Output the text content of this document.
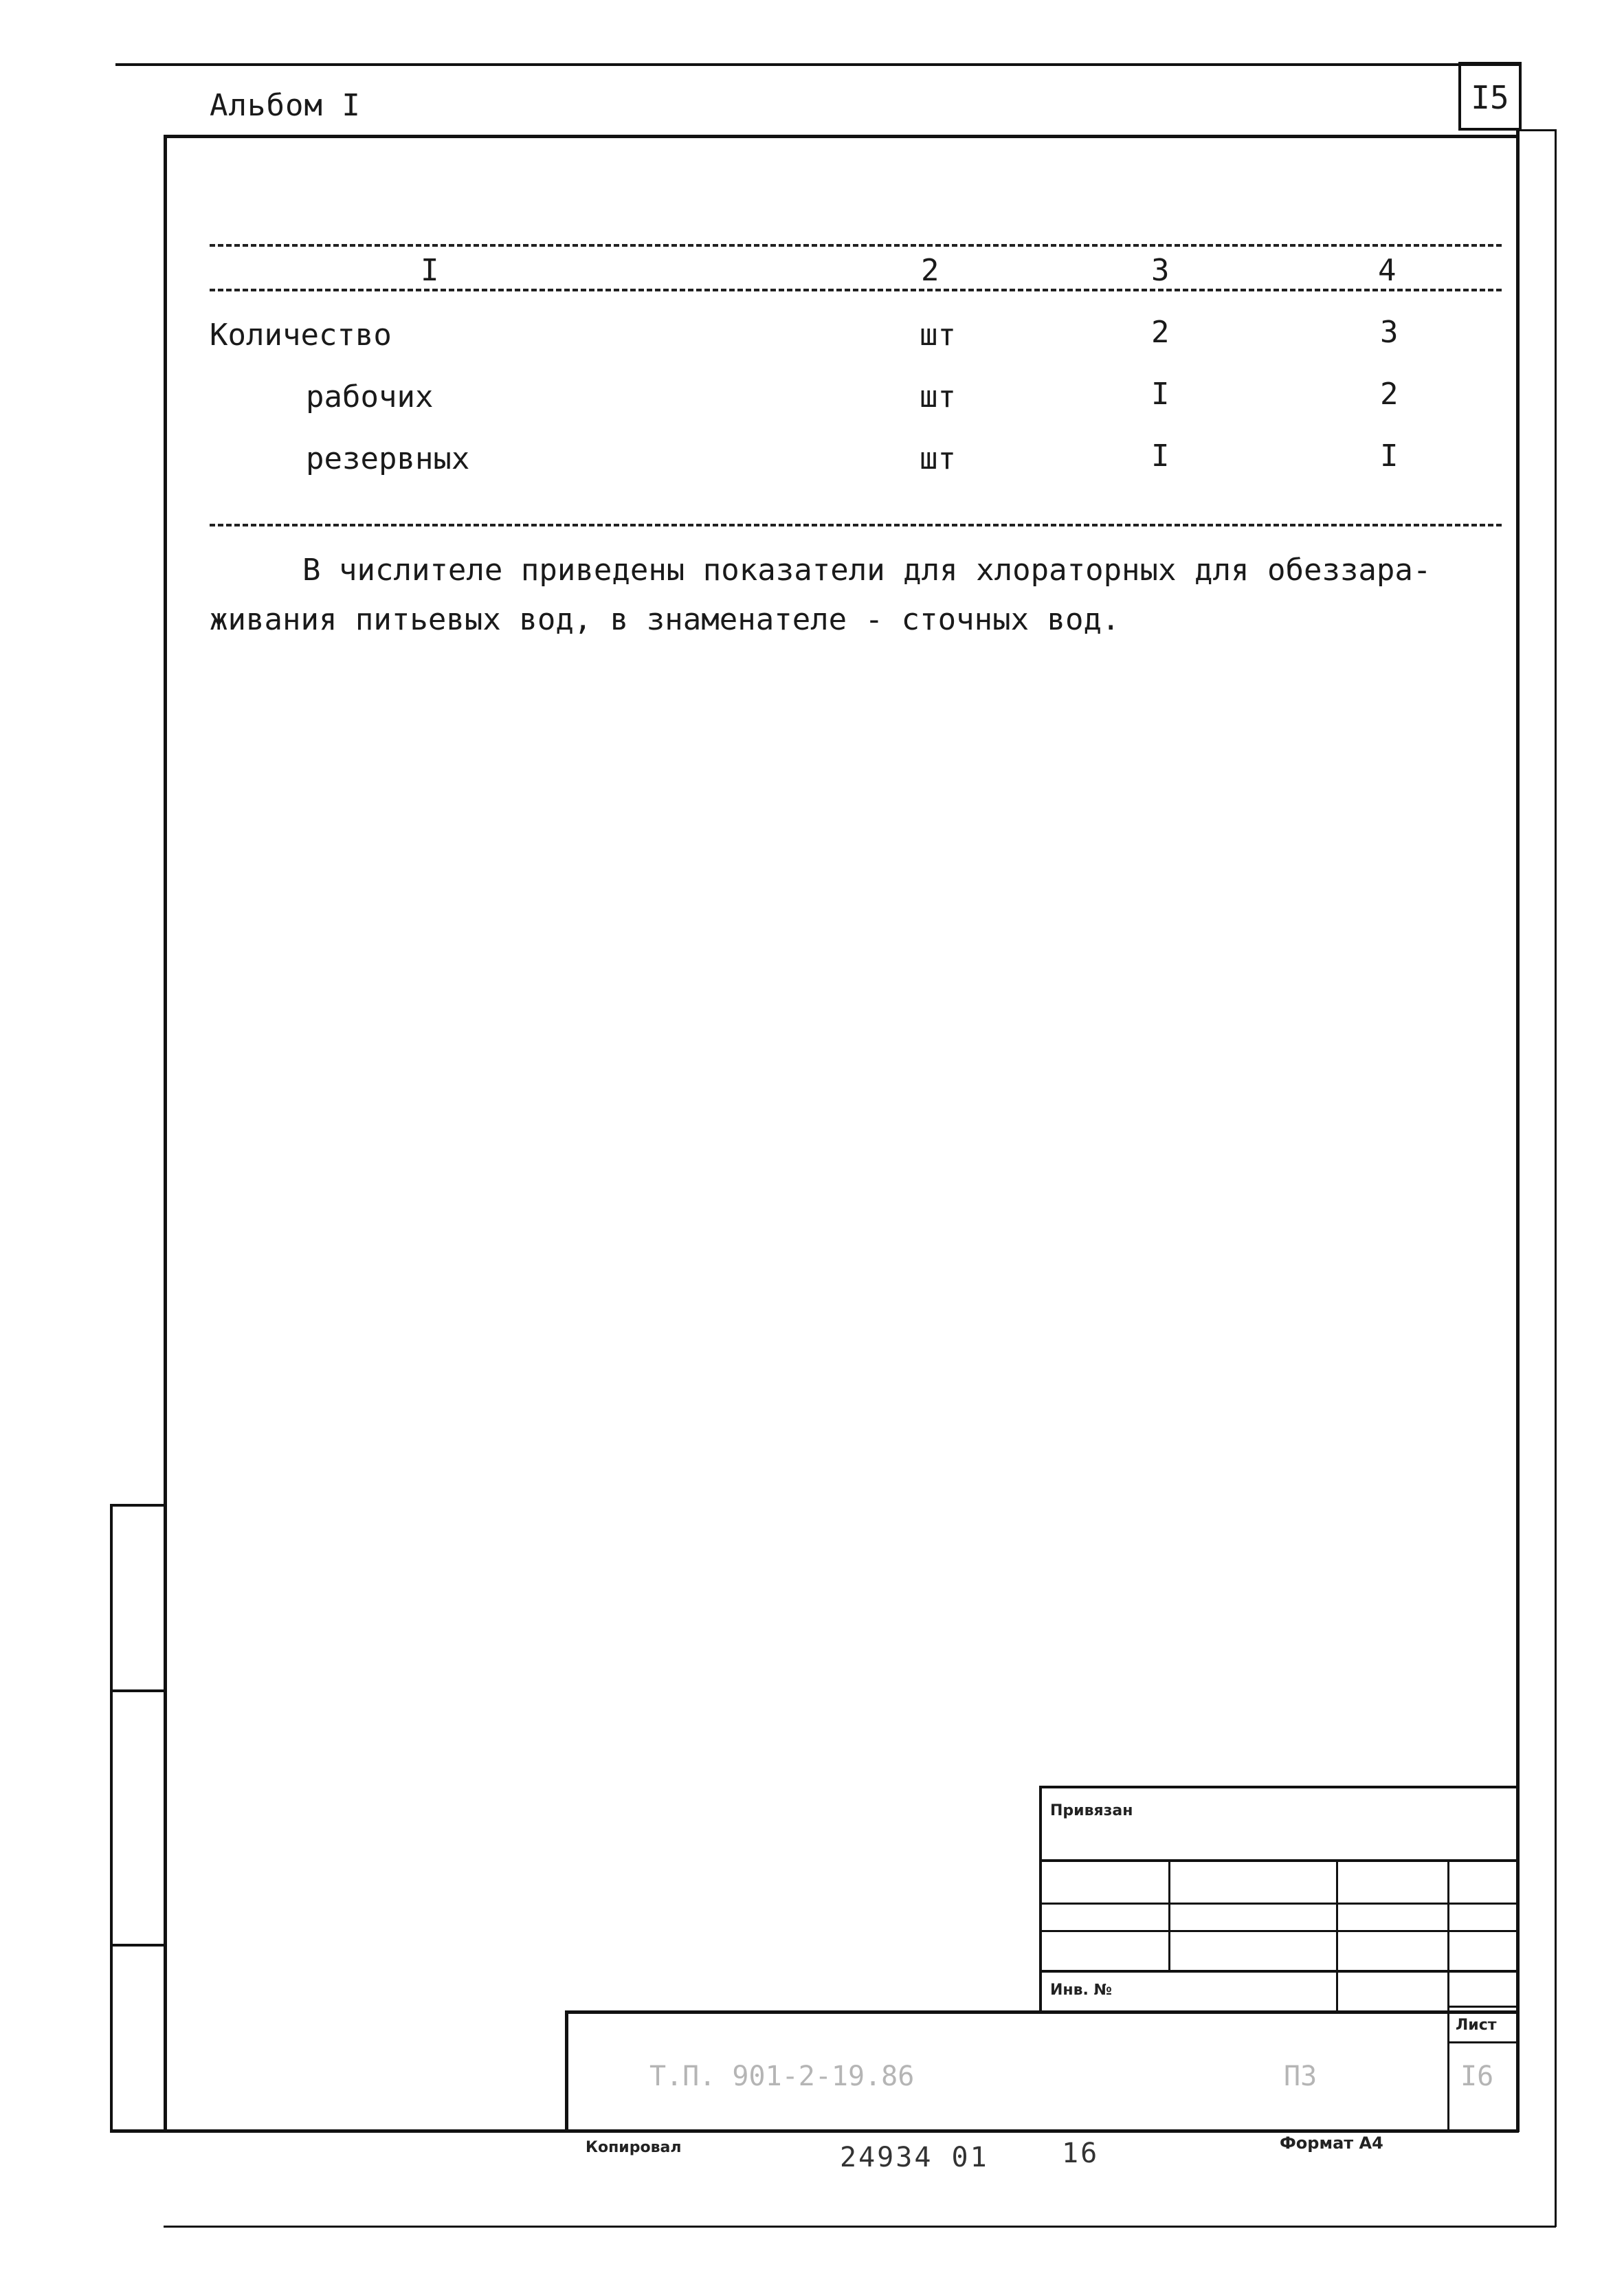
Альбом I	I5
I	2	3	4
Количество	шт	2	3
рабочих	шт	I	2
резервных	шт	I	I
В числителе приведены показатели для хлораторных для обеззара-
живания питьевых вод, в знаменателе - сточных вод.
Привязан
Инв. №
Лист
Т.П. 901-2-19.86	ПЗ	I6
Копировал	24934 01	16	Формат А4
